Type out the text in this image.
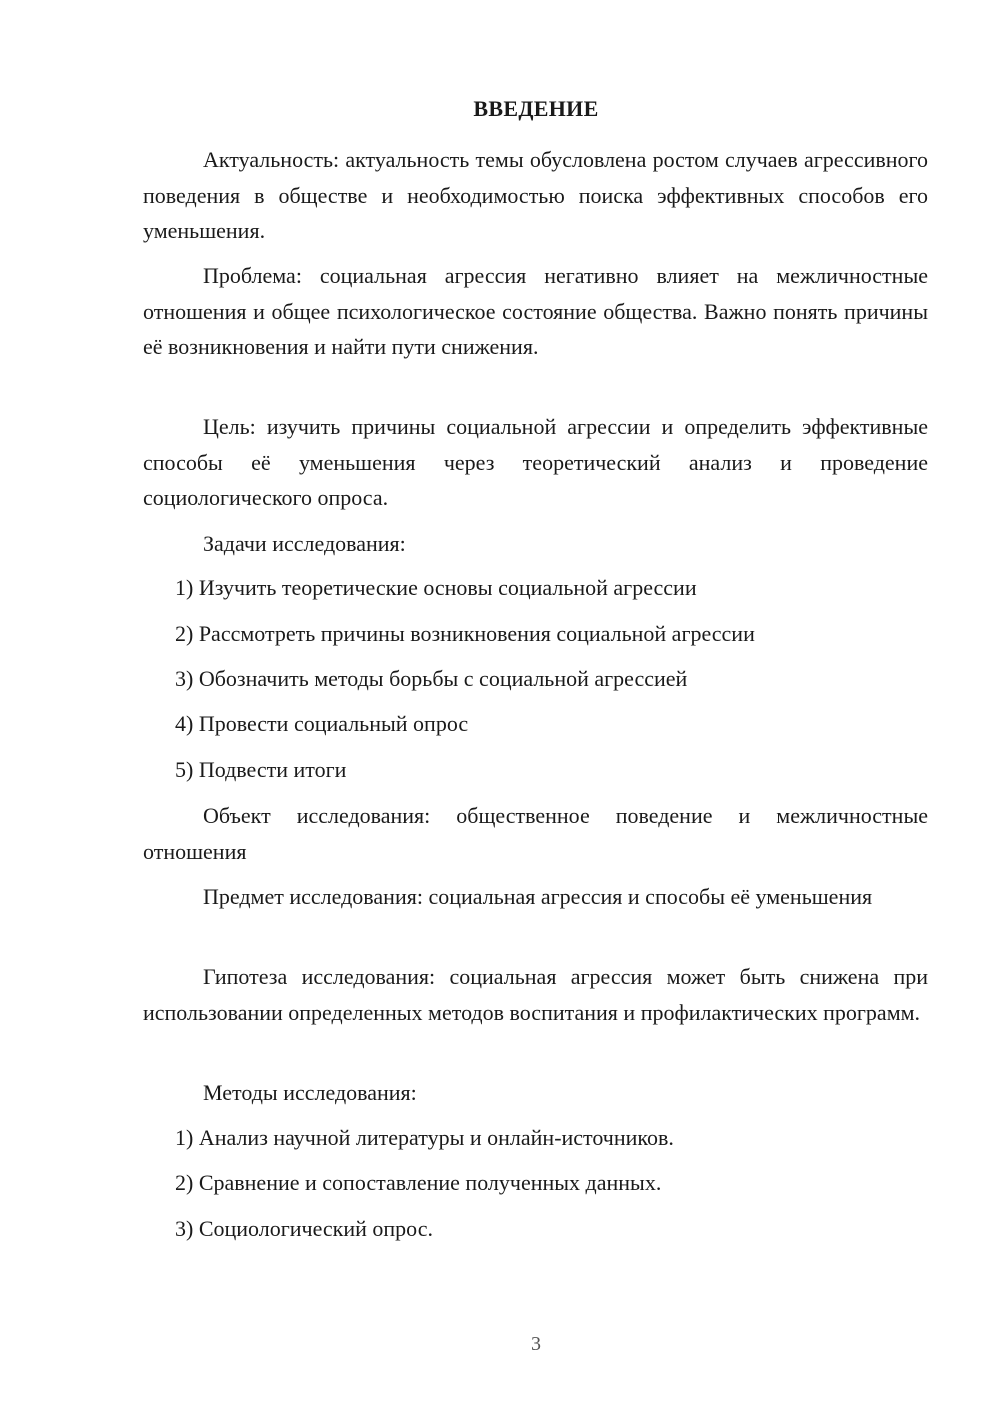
ВВЕДЕНИЕ
Актуальность: актуальность темы обусловлена ростом случаев агрессивного поведения в обществе и необходимостью поиска эффективных способов его уменьшения.
Проблема: социальная агрессия негативно влияет на межличностные отношения и общее психологическое состояние общества. Важно понять причины её возникновения и найти пути снижения.
Цель: изучить причины социальной агрессии и определить эффективные способы её уменьшения через теоретический анализ и проведение социологического опроса.
Задачи исследования:
1) Изучить теоретические основы социальной агрессии
2) Рассмотреть причины возникновения социальной агрессии
3) Обозначить методы борьбы с социальной агрессией
4) Провести социальный опрос
5) Подвести итоги
Объект исследования: общественное поведение и межличностные отношения
Предмет исследования: социальная агрессия и способы её уменьшения
Гипотеза исследования: социальная агрессия может быть снижена при использовании определенных методов воспитания и профилактических программ.
Методы исследования:
1) Анализ научной литературы и онлайн-источников.
2) Сравнение и сопоставление полученных данных.
3) Социологический опрос.
3
